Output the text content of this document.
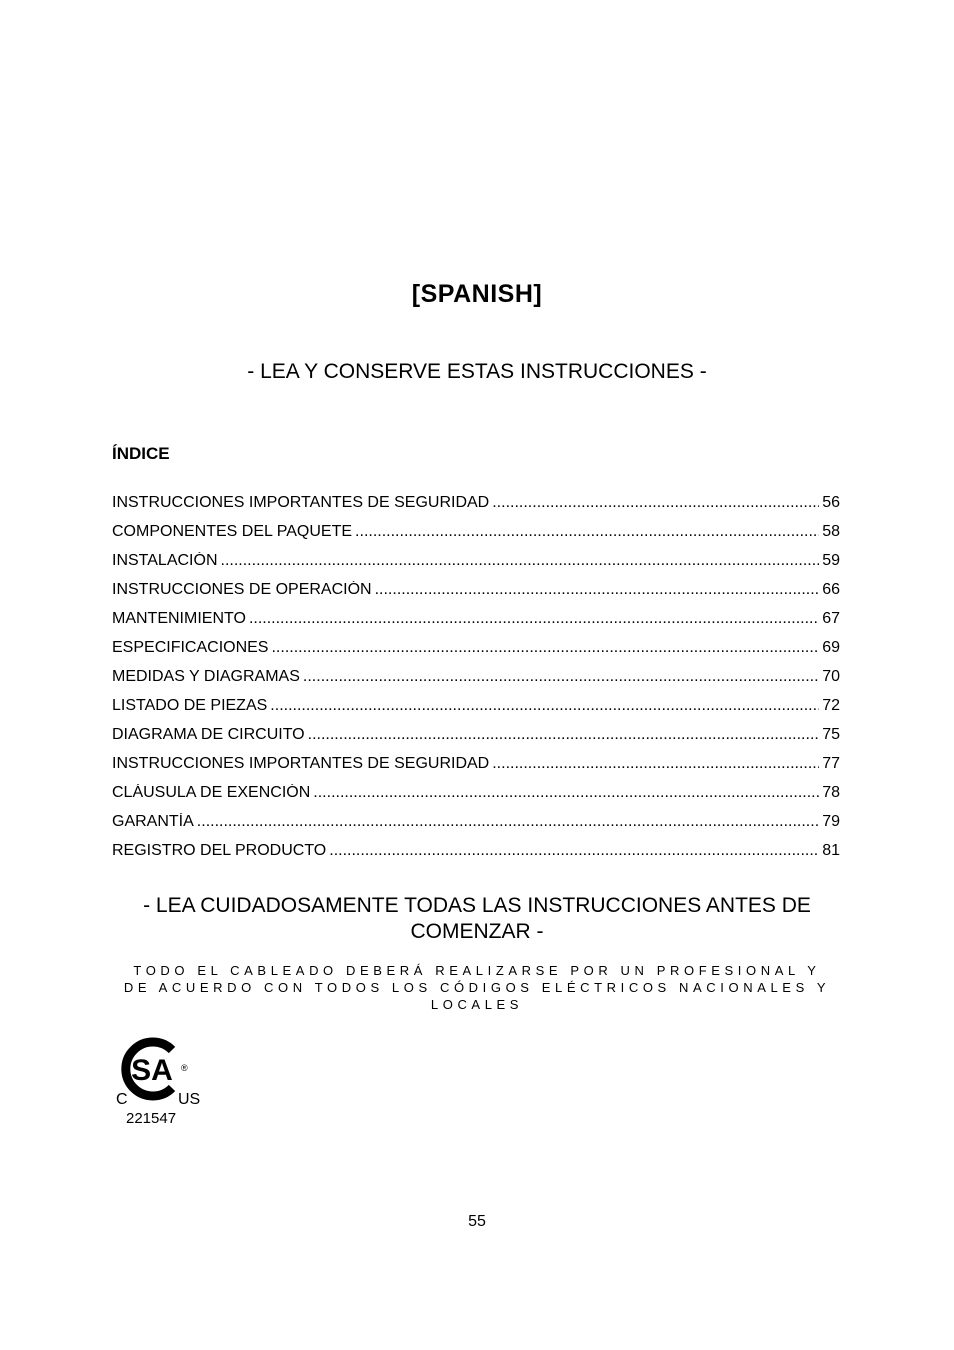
[SPANISH]
- LEA Y CONSERVE ESTAS INSTRUCCIONES -
ÍNDICE
INSTRUCCIONES IMPORTANTES DE SEGURIDAD .....	56
COMPONENTES DEL PAQUETE .....	58
INSTALACIÓN .....	59
INSTRUCCIONES DE OPERACIÓN .....	66
MANTENIMIENTO .....	67
ESPECIFICACIONES .....	69
MEDIDAS Y DIAGRAMAS .....	70
LISTADO DE PIEZAS .....	72
DIAGRAMA DE CIRCUITO .....	75
INSTRUCCIONES IMPORTANTES DE SEGURIDAD .....	77
CLÁUSULA DE EXENCIÓN .....	78
GARANTÍA .....	79
REGISTRO DEL PRODUCTO .....	81
- LEA CUIDADOSAMENTE TODAS LAS INSTRUCCIONES ANTES DE COMENZAR -
TODO EL CABLEADO DEBERÁ REALIZARSE POR UN PROFESIONAL Y DE ACUERDO CON TODOS LOS CÓDIGOS ELÉCTRICOS NACIONALES Y LOCALES
SA ®
C	US
221547
55
